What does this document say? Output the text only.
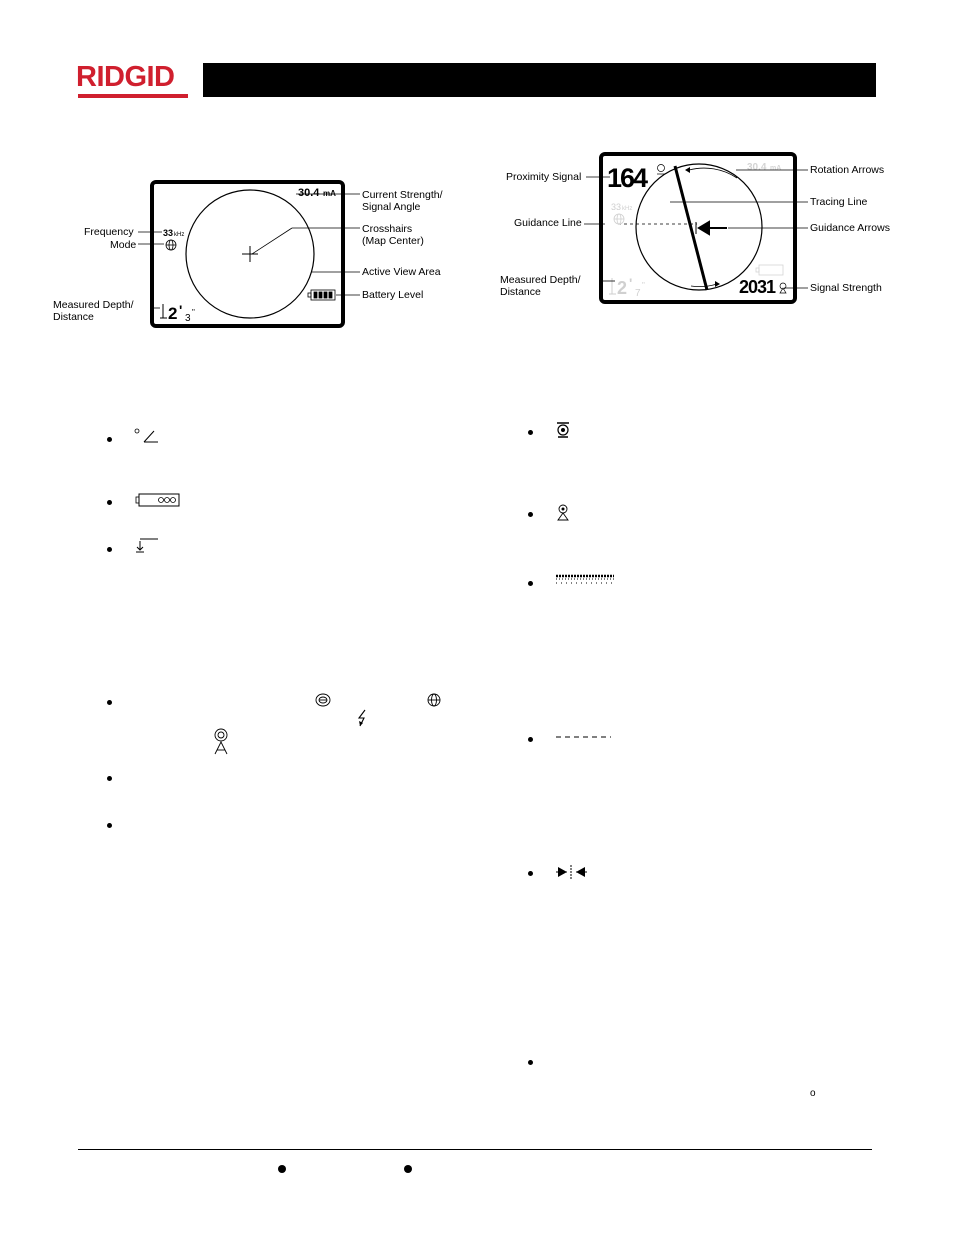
RIDGID
30.4 mA
33 kHz
2 '
3
"
Frequency
Mode
Measured Depth/
Distance
Current Strength/
Signal Angle
Crosshairs
(Map Center)
Active View Area
Battery Level
164	30.4 mA
33 kHz
2 '
7
"	2031
Proximity Signal
Guidance Line
Measured Depth/
Distance
Rotation Arrows
Tracing Line
Guidance Arrows
Signal Strength
o
